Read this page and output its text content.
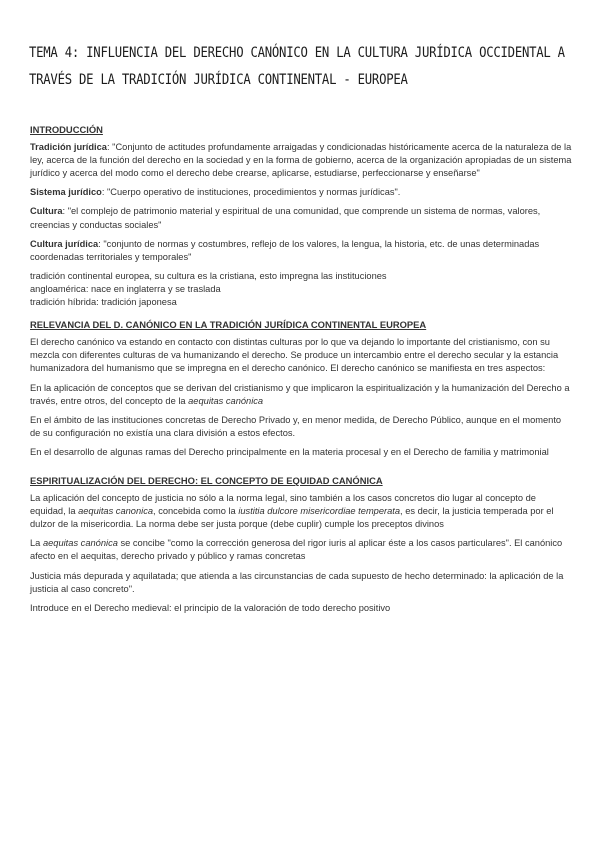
TEMA 4: INFLUENCIA DEL DERECHO CANÓNICO EN LA CULTURA JURÍDICA OCCIDENTAL A
TRAVÉS DE LA TRADICIÓN JURÍDICA CONTINENTAL - EUROPEA
INTRODUCCIÓN

Tradición jurídica: "Conjunto de actitudes profundamente arraigadas y condicionadas históricamente acerca de la naturaleza de la ley, acerca de la función del derecho en la sociedad y en la forma de gobierno, acerca de la organización apropiadas de un sistema jurídico y acerca del modo como el derecho debe crearse, aplicarse, estudiarse, perfeccionarse y enseñarse"

Sistema jurídico: "Cuerpo operativo de instituciones, procedimientos y normas jurídicas".

Cultura: "el complejo de patrimonio material y espiritual de una comunidad, que comprende un sistema de normas, valores, creencias y conductas sociales"

Cultura jurídica: "conjunto de normas y costumbres, reflejo de los valores, la lengua, la historia, etc. de unas determinadas coordenadas territoriales y temporales"

tradición continental europea, su cultura es la cristiana, esto impregna las instituciones
angloamérica: nace en inglaterra y se traslada
tradición híbrida: tradición japonesa
RELEVANCIA DEL D. CANÓNICO EN LA TRADICIÓN JURÍDICA CONTINENTAL EUROPEA

El derecho canónico va estando en contacto con distintas culturas por lo que va dejando lo importante del cristianismo, con su mezcla con diferentes culturas de va humanizando el derecho. Se produce un intercambio entre el derecho secular y la estancia humanizadora del humanismo que se impregna en el derecho canónico. El derecho canónico se manifiesta en tres aspectos:

En la aplicación de conceptos que se derivan del cristianismo y que implicaron la espiritualización y la humanización del Derecho a través, entre otros, del concepto de la aequitas canónica

En el ámbito de las instituciones concretas de Derecho Privado y, en menor medida, de Derecho Público, aunque en el momento de su configuración no existía una clara división a estos efectos.

En el desarrollo de algunas ramas del Derecho principalmente en la materia procesal y en el Derecho de familia y matrimonial

ESPIRITUALIZACIÓN DEL DERECHO: EL CONCEPTO DE EQUIDAD CANÓNICA

La aplicación del concepto de justicia no sólo a la norma legal, sino también a los casos concretos dio lugar al concepto de equidad, la aequitas canonica, concebida como la iustitia dulcore misericordiae temperata, es decir, la justicia temperada por el dulzor de la misericordia. La norma debe ser justa porque (debe cuplir) cumple los preceptos divinos

La aequitas canónica se concibe "como la corrección generosa del rigor iuris al aplicar éste a los casos particulares". El canónico afecto en el aequitas, derecho privado y público y ramas concretas

Justicia más depurada y aquilatada; que atienda a las circunstancias de cada supuesto de hecho determinado: la aplicación de la justicia al caso concreto".

Introduce en el Derecho medieval: el principio de la valoración de todo derecho positivo
